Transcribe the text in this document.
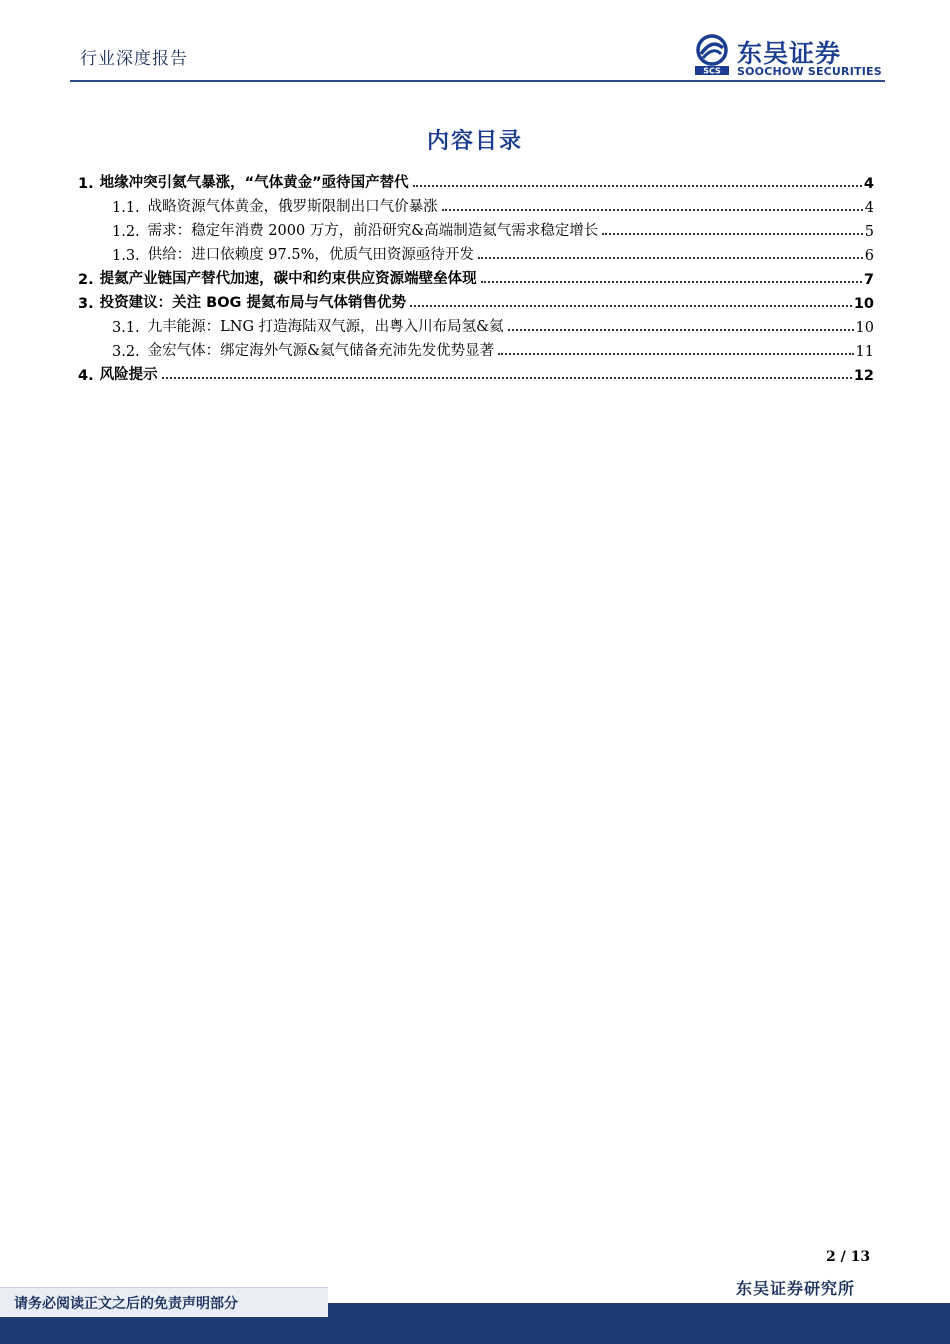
行业深度报告
SCS
东吴证券
SOOCHOW SECURITIES
内容目录
1. 地缘冲突引氦气暴涨，“气体黄金”亟待国产替代	4
1.1. 战略资源气体黄金，俄罗斯限制出口气价暴涨	4
1.2. 需求：稳定年消费 2000 万方，前沿研究&高端制造氦气需求稳定增长	5
1.3. 供给：进口依赖度 97.5%，优质气田资源亟待开发	6
2. 提氦产业链国产替代加速，碳中和约束供应资源端壁垒体现	7
3. 投资建议：关注 BOG 提氦布局与气体销售优势	10
3.1. 九丰能源：LNG 打造海陆双气源，出粤入川布局氢&氦	10
3.2. 金宏气体：绑定海外气源&氦气储备充沛先发优势显著	11
4. 风险提示	12
2 / 13
东吴证券研究所
请务必阅读正文之后的免责声明部分
